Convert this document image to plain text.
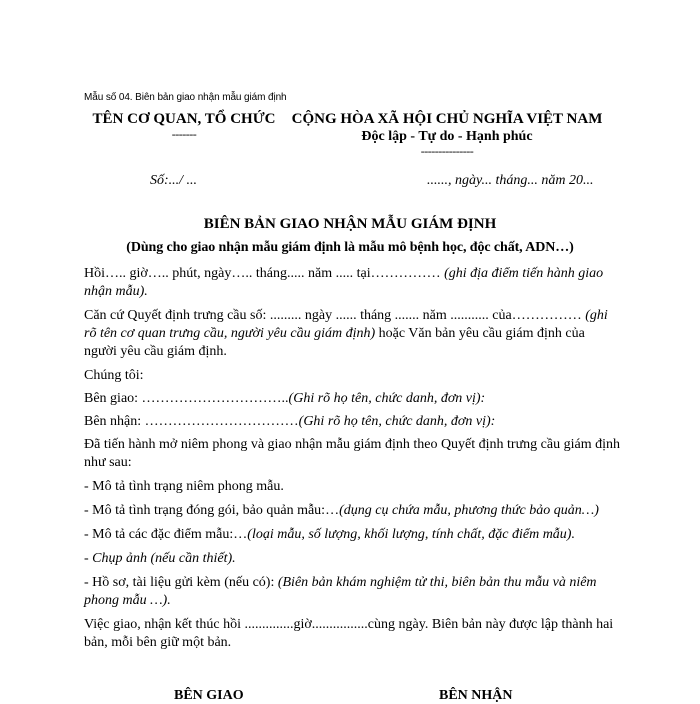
Mẫu số 04. Biên bản giao nhận mẫu giám định
TÊN CƠ QUAN, TỔ CHỨC
-------
CỘNG HÒA XÃ HỘI CHỦ NGHĨA VIỆT NAM
Độc lập - Tự do - Hạnh phúc
---------------
Số:.../ ...	......, ngày... tháng... năm 20...
BIÊN BẢN GIAO NHẬN MẪU GIÁM ĐỊNH
(Dùng cho giao nhận mẫu giám định là mẫu mô bệnh học, độc chất, ADN…)

Hồi….. giờ….. phút, ngày….. tháng..... năm ..... tại…………… (ghi địa điểm tiến hành giao nhận mẫu).

Căn cứ Quyết định trưng cầu số: ......... ngày ...... tháng ....... năm ........... của…………… (ghi rõ tên cơ quan trưng cầu, người yêu cầu giám định) hoặc Văn bản yêu cầu giám định của người yêu cầu giám định.

Chúng tôi:

Bên giao: …………………………..(Ghi rõ họ tên, chức danh, đơn vị):

Bên nhận: ……………………………(Ghi rõ họ tên, chức danh, đơn vị):

Đã tiến hành mở niêm phong và giao nhận mẫu giám định theo Quyết định trưng cầu giám định như sau:

- Mô tả tình trạng niêm phong mẫu.

- Mô tả tình trạng đóng gói, bảo quản mẫu:…(dụng cụ chứa mẫu, phương thức bảo quản…)

- Mô tả các đặc điểm mẫu:…(loại mẫu, số lượng, khối lượng, tính chất, đặc điểm mẫu).

- Chụp ảnh (nếu cần thiết).

- Hồ sơ, tài liệu gửi kèm (nếu có): (Biên bản khám nghiệm tử thi, biên bản thu mẫu và niêm phong mẫu …).

Việc giao, nhận kết thúc hồi ..............giờ................cùng ngày. Biên bản này được lập thành hai bản, mỗi bên giữ một bản.

BÊN GIAO	BÊN NHẬN
